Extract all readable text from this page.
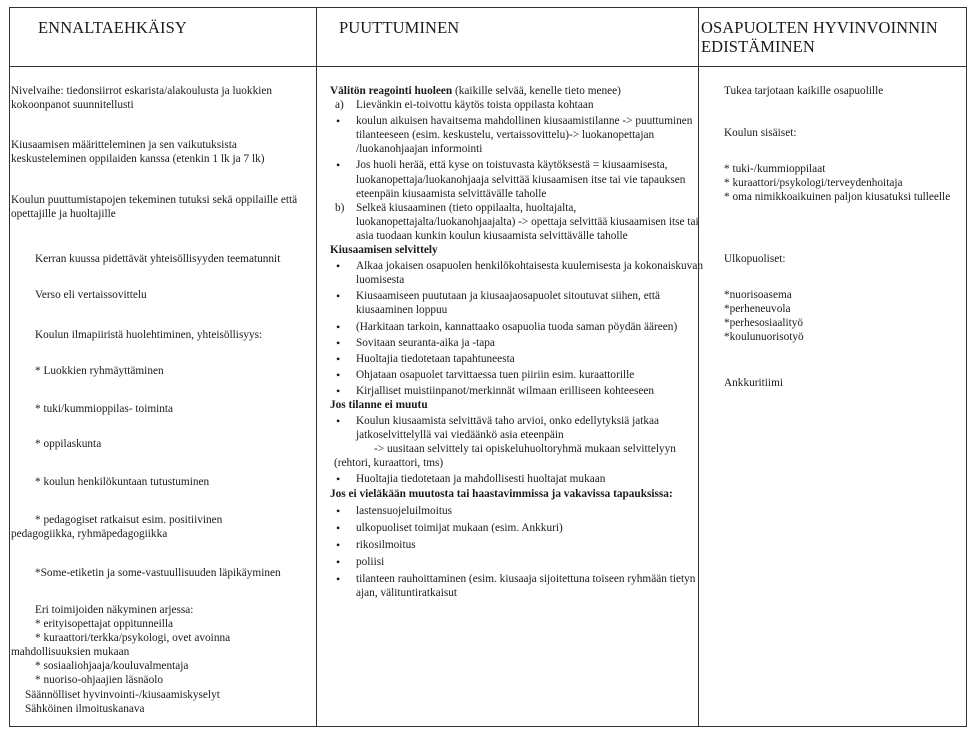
ENNALTAEHKÄISY	PUUTTUMINEN	OSAPUOLTEN HYVINVOINNIN
EDISTÄMINEN

Nivelvaihe: tiedonsiirrot eskarista/alakoulusta ja luokkien kokoonpanot suunnitellusti

Kiusaamisen määritteleminen ja sen vaikutuksista keskusteleminen oppilaiden kanssa (etenkin 1 lk ja 7 lk)

Koulun puuttumistapojen tekeminen tutuksi sekä oppilaille että opettajille ja huoltajille

Kerran kuussa pidettävät yhteisöllisyyden teematunnit

Verso eli vertaissovittelu

Koulun ilmapiiristä huolehtiminen, yhteisöllisyys:

* Luokkien ryhmäyttäminen

* tuki/kummioppilas- toiminta

* oppilaskunta

* koulun henkilökuntaan tutustuminen

* pedagogiset ratkaisut esim. positiivinen
pedagogiikka, ryhmäpedagogiikka

*Some-etiketin ja some-vastuullisuuden läpikäyminen

Eri toimijoiden näkyminen arjessa:
* erityisopettajat oppitunneilla
* kuraattori/terkka/psykologi, ovet avoinna
mahdollisuuksien mukaan
* sosiaaliohjaaja/kouluvalmentaja
* nuoriso-ohjaajien läsnäolo
Säännölliset hyvinvointi-/kiusaamiskyselyt
Sähköinen ilmoituskanava

Välitön reagointi huoleen (kaikille selvää, kenelle tieto menee)

a) Lievänkin ei-toivottu käytös toista oppilasta kohtaan

• koulun aikuisen havaitsema mahdollinen kiusaamistilanne -> puuttuminen tilanteeseen (esim. keskustelu, vertaissovittelu)-> luokanopettajan /luokanohjaajan informointi

• Jos huoli herää, että kyse on toistuvasta käytöksestä = kiusaamisesta, luokanopettaja/luokanohjaaja selvittää kiusaamisen itse tai vie tapauksen eteenpäin kiusaamista selvittävälle taholle

b) Selkeä kiusaaminen (tieto oppilaalta, huoltajalta, luokanopettajalta/luokanohjaajalta) -> opettaja selvittää kiusaamisen itse tai asia tuodaan kunkin koulun kiusaamista selvittävälle taholle

Kiusaamisen selvittely

• Alkaa jokaisen osapuolen henkilökohtaisesta kuulemisesta ja kokonaiskuvan luomisesta

• Kiusaamiseen puututaan ja kiusaajaosapuolet sitoutuvat siihen, että kiusaaminen loppuu

• (Harkitaan tarkoin, kannattaako osapuolia tuoda saman pöydän ääreen)

• Sovitaan seuranta-aika ja -tapa

• Huoltajia tiedotetaan tapahtuneesta

• Ohjataan osapuolet tarvittaessa tuen piiriin esim. kuraattorille

• Kirjalliset muistiinpanot/merkinnät wilmaan erilliseen kohteeseen

Jos tilanne ei muutu

• Koulun kiusaamista selvittävä taho arvioi, onko edellytyksiä jatkaa jatkoselvittelyllä vai viedäänkö asia eteenpäin
-> uusitaan selvittely tai opiskeluhuoltoryhmä mukaan selvittelyyn

(rehtori, kuraattori, tms)

• Huoltajia tiedotetaan ja mahdollisesti huoltajat mukaan

Jos ei vieläkään muutosta tai haastavimmissa ja vakavissa tapauksissa:

• lastensuojeluilmoitus

• ulkopuoliset toimijat mukaan (esim. Ankkuri)

• rikosilmoitus

• poliisi

• tilanteen rauhoittaminen (esim. kiusaaja sijoitettuna toiseen ryhmään tietyn ajan, välituntiratkaisut

Tukea tarjotaan kaikille osapuolille

Koulun sisäiset:

* tuki-/kummioppilaat
* kuraattori/psykologi/terveydenhoitaja
* oma nimikkoaikuinen paljon kiusatuksi tulleelle

Ulkopuoliset:

*nuorisoasema
*perheneuvola
*perhesosiaalityö
*koulunuorisotyö

Ankkuritiimi
